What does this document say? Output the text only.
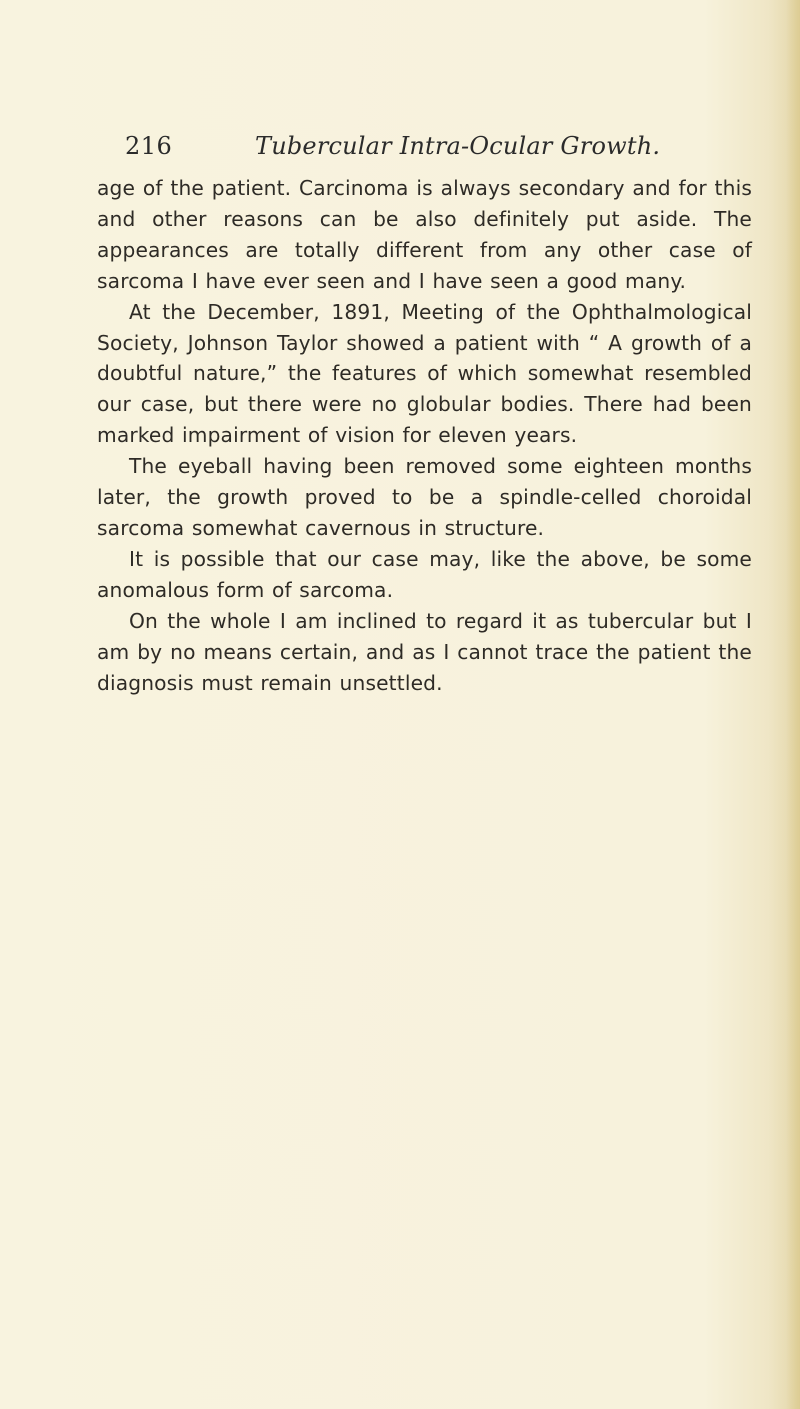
216	Tubercular Intra-Ocular Growth.

age of the patient. Carcinoma is always secondary and for this and other reasons can be also definitely put aside. The appearances are totally different from any other case of sarcoma I have ever seen and I have seen a good many.

At the December, 1891, Meeting of the Ophthalmological Society, Johnson Taylor showed a patient with “ A growth of a doubtful nature,” the features of which somewhat resembled our case, but there were no globular bodies. There had been marked impairment of vision for eleven years.

The eyeball having been removed some eighteen months later, the growth proved to be a spindle-celled choroidal sarcoma somewhat cavernous in structure.

It is possible that our case may, like the above, be some anomalous form of sarcoma.

On the whole I am inclined to regard it as tubercular but I am by no means certain, and as I cannot trace the patient the diagnosis must remain unsettled.
